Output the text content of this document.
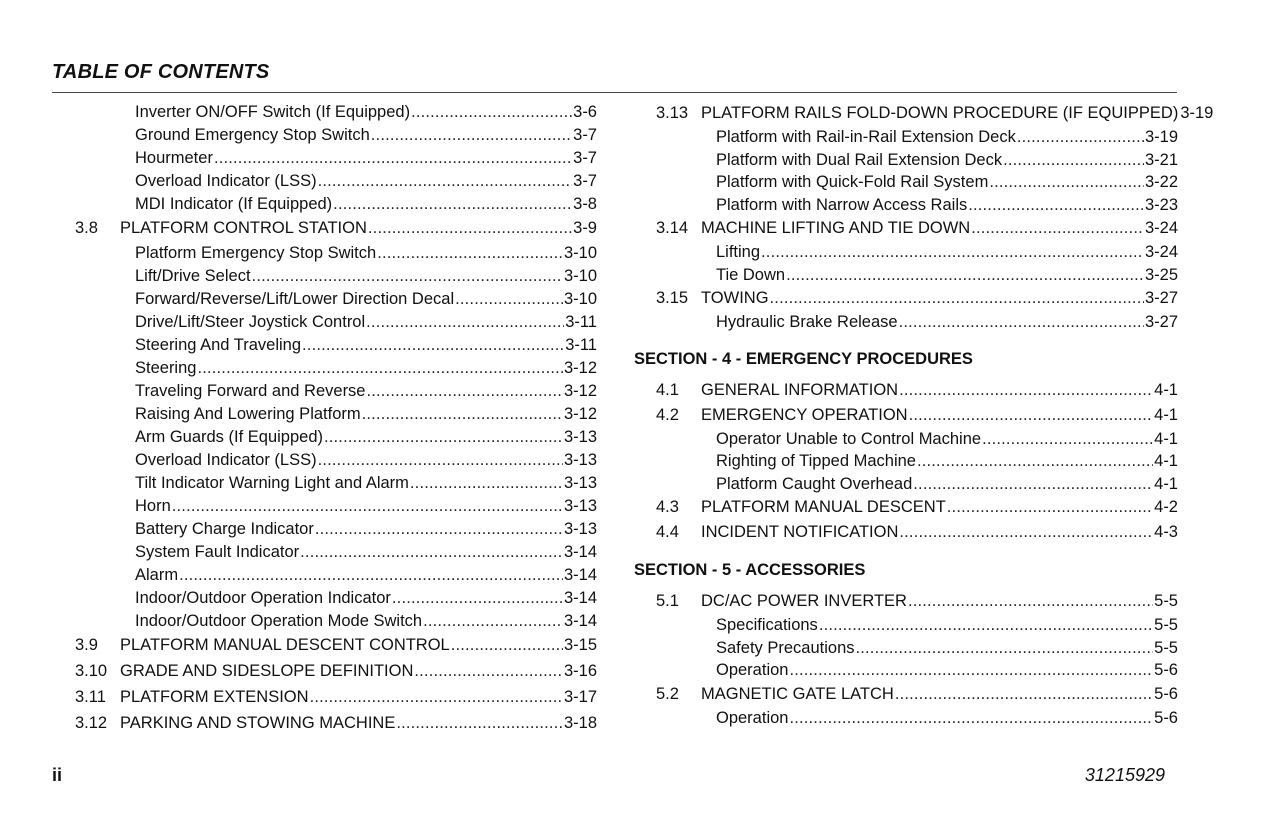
TABLE OF CONTENTS
Inverter ON/OFF Switch (If Equipped) . . .	3-6
Ground Emergency Stop Switch . . .	3-7
Hourmeter . . .	3-7
Overload Indicator (LSS) . . .	3-7
MDI Indicator (If Equipped) . . .	3-8
3.8	PLATFORM CONTROL STATION . . .	3-9
Platform Emergency Stop Switch . . .	3-10
Lift/Drive Select . . .	3-10
Forward/Reverse/Lift/Lower Direction Decal . . .	3-10
Drive/Lift/Steer Joystick Control . . .	3-11
Steering And Traveling . . .	3-11
Steering . . .	3-12
Traveling Forward and Reverse . . .	3-12
Raising And Lowering Platform . . .	3-12
Arm Guards (If Equipped) . . .	3-13
Overload Indicator (LSS) . . .	3-13
Tilt Indicator Warning Light and Alarm . . .	3-13
Horn . . .	3-13
Battery Charge Indicator . . .	3-13
System Fault Indicator . . .	3-14
Alarm . . .	3-14
Indoor/Outdoor Operation Indicator . . .	3-14
Indoor/Outdoor Operation Mode Switch . . .	3-14
3.9	PLATFORM MANUAL DESCENT CONTROL . . .	3-15
3.10 GRADE AND SIDESLOPE DEFINITION . . .	3-16
3.11 PLATFORM EXTENSION . . .	3-17
3.12 PARKING AND STOWING MACHINE . . .	3-18
3.13 PLATFORM RAILS FOLD-DOWN PROCEDURE (IF EQUIPPED) 3-19
Platform with Rail-in-Rail Extension Deck . . .	3-19
Platform with Dual Rail Extension Deck . . .	3-21
Platform with Quick-Fold Rail System . . .	3-22
Platform with Narrow Access Rails . . .	3-23
3.14 MACHINE LIFTING AND TIE DOWN . . .	3-24
Lifting . . .	3-24
Tie Down . . .	3-25
3.15 TOWING . . .	3-27
Hydraulic Brake Release . . .	3-27
SECTION - 4 - EMERGENCY PROCEDURES
4.1	GENERAL INFORMATION . . .	4-1
4.2	EMERGENCY OPERATION . . .	4-1
Operator Unable to Control Machine . . .	4-1
Righting of Tipped Machine . . .	4-1
Platform Caught Overhead . . .	4-1
4.3	PLATFORM MANUAL DESCENT . . .	4-2
4.4	INCIDENT NOTIFICATION . . .	4-3
SECTION - 5 - ACCESSORIES
5.1	DC/AC POWER INVERTER . . .	5-5
Specifications . . .	5-5
Safety Precautions . . .	5-5
Operation . . .	5-6
5.2	MAGNETIC GATE LATCH . . .	5-6
Operation . . .	5-6
ii	31215929
